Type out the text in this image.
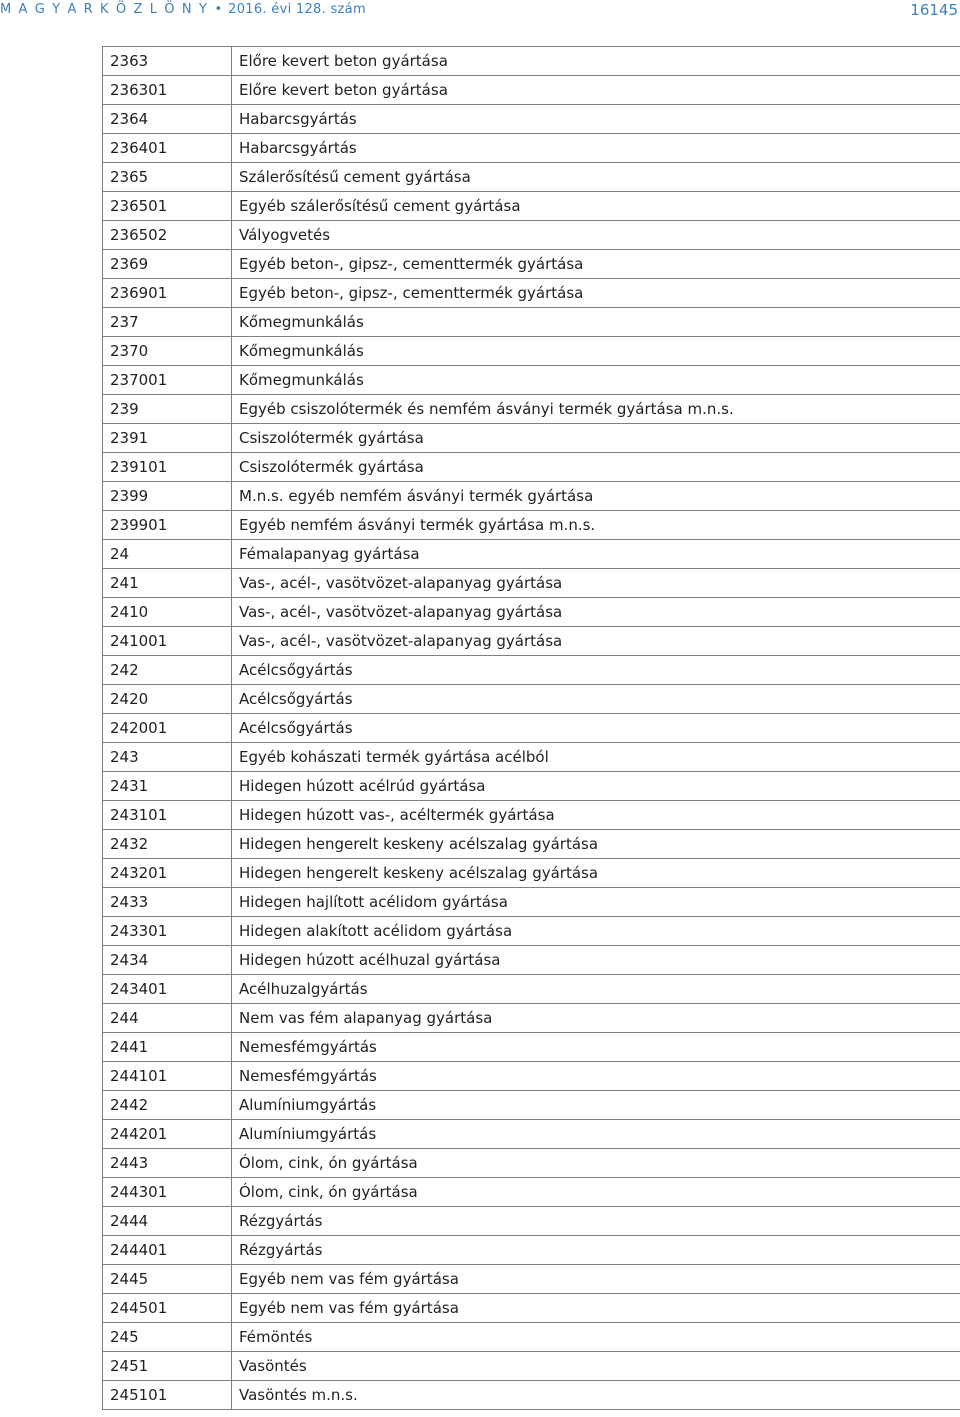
M A G Y A R K Ö Z L Ö N Y • 2016. évi 128. szám	16145
2363	Előre kevert beton gyártása
236301	Előre kevert beton gyártása
2364	Habarcsgyártás
236401	Habarcsgyártás
2365	Szálerősítésű cement gyártása
236501	Egyéb szálerősítésű cement gyártása
236502	Vályogvetés
2369	Egyéb beton-, gipsz-, cementtermék gyártása
236901	Egyéb beton-, gipsz-, cementtermék gyártása
237	Kőmegmunkálás
2370	Kőmegmunkálás
237001	Kőmegmunkálás
239	Egyéb csiszolótermék és nemfém ásványi termék gyártása m.n.s.
2391	Csiszolótermék gyártása
239101	Csiszolótermék gyártása
2399	M.n.s. egyéb nemfém ásványi termék gyártása
239901	Egyéb nemfém ásványi termék gyártása m.n.s.
24	Fémalapanyag gyártása
241	Vas-, acél-, vasötvözet-alapanyag gyártása
2410	Vas-, acél-, vasötvözet-alapanyag gyártása
241001	Vas-, acél-, vasötvözet-alapanyag gyártása
242	Acélcsőgyártás
2420	Acélcsőgyártás
242001	Acélcsőgyártás
243	Egyéb kohászati termék gyártása acélból
2431	Hidegen húzott acélrúd gyártása
243101	Hidegen húzott vas-, acéltermék gyártása
2432	Hidegen hengerelt keskeny acélszalag gyártása
243201	Hidegen hengerelt keskeny acélszalag gyártása
2433	Hidegen hajlított acélidom gyártása
243301	Hidegen alakított acélidom gyártása
2434	Hidegen húzott acélhuzal gyártása
243401	Acélhuzalgyártás
244	Nem vas fém alapanyag gyártása
2441	Nemesfémgyártás
244101	Nemesfémgyártás
2442	Alumíniumgyártás
244201	Alumíniumgyártás
2443	Ólom, cink, ón gyártása
244301	Ólom, cink, ón gyártása
2444	Rézgyártás
244401	Rézgyártás
2445	Egyéb nem vas fém gyártása
244501	Egyéb nem vas fém gyártása
245	Fémöntés
2451	Vasöntés
245101	Vasöntés m.n.s.
